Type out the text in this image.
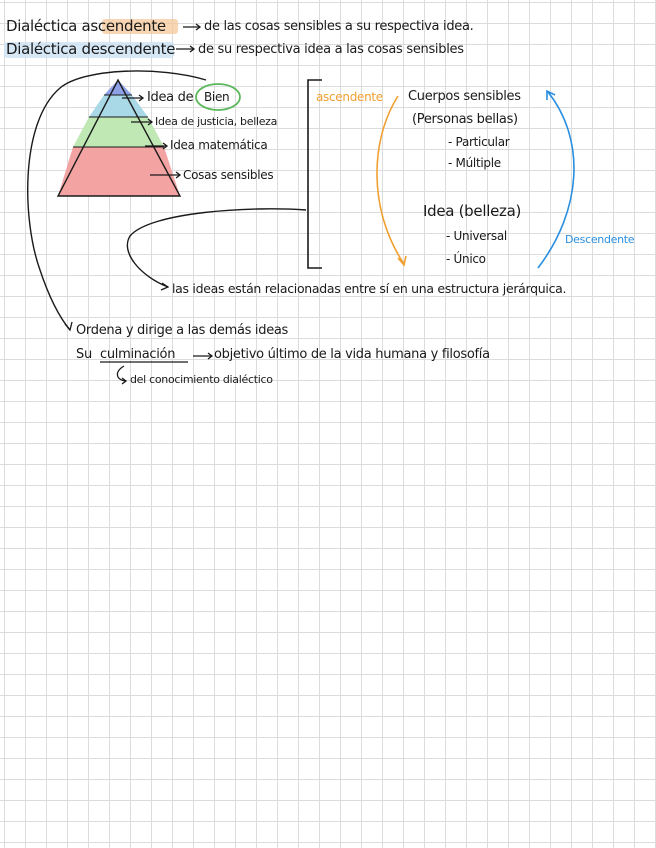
Dialéctica ascendente	de las cosas sensibles a su respectiva idea.
Dialéctica descendente de su respectiva idea a las cosas sensibles
Idea de Bien
Idea de justicia, belleza
Idea matemática
Cosas sensibles
ascendente Cuerpos sensibles
(Personas bellas)
- Particular
- Múltiple
Idea (belleza)
- Universal
- Único
Descendente
las ideas están relacionadas entre sí en una estructura jerárquica.
Ordena y dirige a las demás ideas
Su culminación	objetivo último de la vida humana y filosofía
del conocimiento dialéctico
